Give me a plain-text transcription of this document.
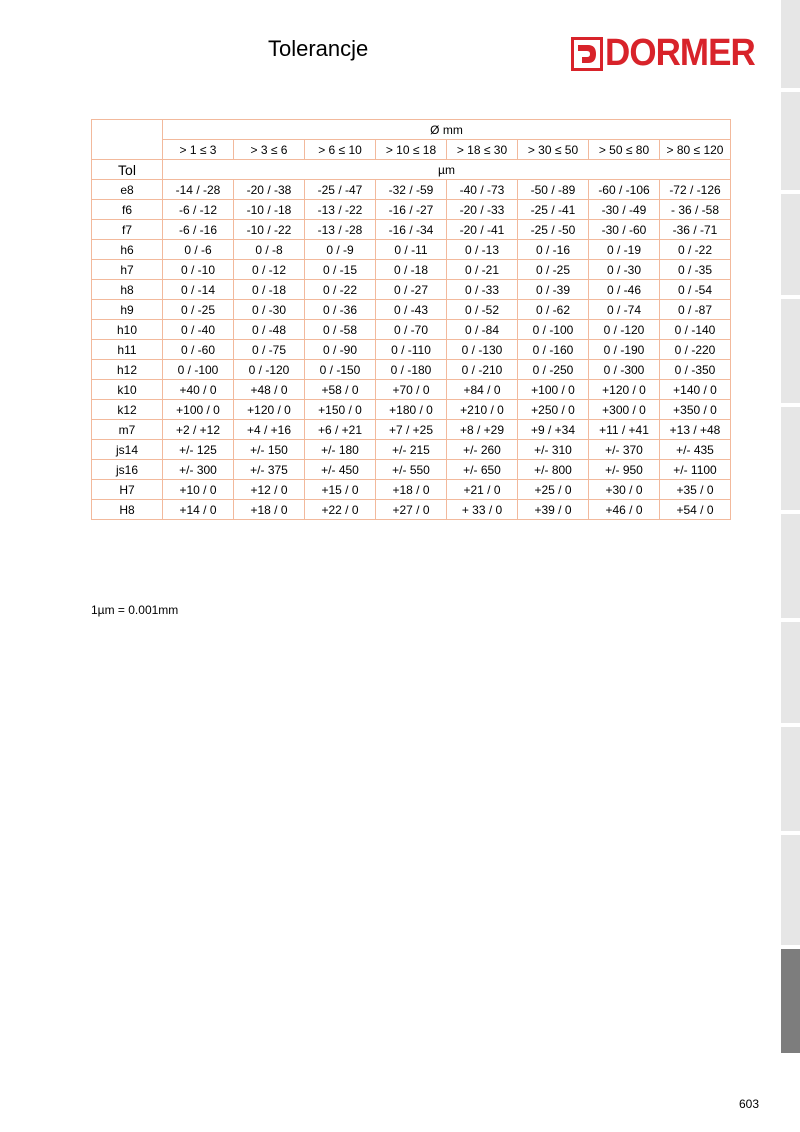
Tolerancje	DORMER
	Ø mm							
	> 1 ≤ 3	> 3 ≤ 6	> 6 ≤ 10	> 10 ≤ 18	> 18 ≤ 30	> 30 ≤ 50	> 50 ≤ 80	> 80 ≤ 120
Tol	µm							
e8	-14 / -28	-20 / -38	-25 / -47	-32 / -59	-40 / -73	-50 / -89	-60 / -106	-72 / -126
f6	-6 / -12	-10 / -18	-13 / -22	-16 / -27	-20 / -33	-25 / -41	-30 / -49	- 36 / -58
f7	-6 / -16	-10 / -22	-13 / -28	-16 / -34	-20 / -41	-25 / -50	-30 / -60	-36 / -71
h6	0 / -6	0 / -8	0 / -9	0 / -11	0 / -13	0 / -16	0 / -19	0 / -22
h7	0 / -10	0 / -12	0 / -15	0 / -18	0 / -21	0 / -25	0 / -30	0 / -35
h8	0 / -14	0 / -18	0 / -22	0 / -27	0 / -33	0 / -39	0 / -46	0 / -54
h9	0 / -25	0 / -30	0 / -36	0 / -43	0 / -52	0 / -62	0 / -74	0 / -87
h10	0 / -40	0 / -48	0 / -58	0 / -70	0 / -84	0 / -100	0 / -120	0 / -140
h11	0 / -60	0 / -75	0 / -90	0 / -110	0 / -130	0 / -160	0 / -190	0 / -220
h12	0 / -100	0 / -120	0 / -150	0 / -180	0 / -210	0 / -250	0 / -300	0 / -350
k10	+40 / 0	+48 / 0	+58 / 0	+70 / 0	+84 / 0	+100 / 0	+120 / 0	+140 / 0
k12	+100 / 0	+120 / 0	+150 / 0	+180 / 0	+210 / 0	+250 / 0	+300 / 0	+350 / 0
m7	+2 / +12	+4 / +16	+6 / +21	+7 / +25	+8 / +29	+9 / +34	+11 / +41	+13 / +48
js14	+/- 125	+/- 150	+/- 180	+/- 215	+/- 260	+/- 310	+/- 370	+/- 435
js16	+/- 300	+/- 375	+/- 450	+/- 550	+/- 650	+/- 800	+/- 950	+/- 1100
H7	+10 / 0	+12 / 0	+15 / 0	+18 / 0	+21 / 0	+25 / 0	+30 / 0	+35 / 0
H8	+14 / 0	+18 / 0	+22 / 0	+27 / 0	+ 33 / 0	+39 / 0	+46 / 0	+54 / 0
1µm = 0.001mm
603
